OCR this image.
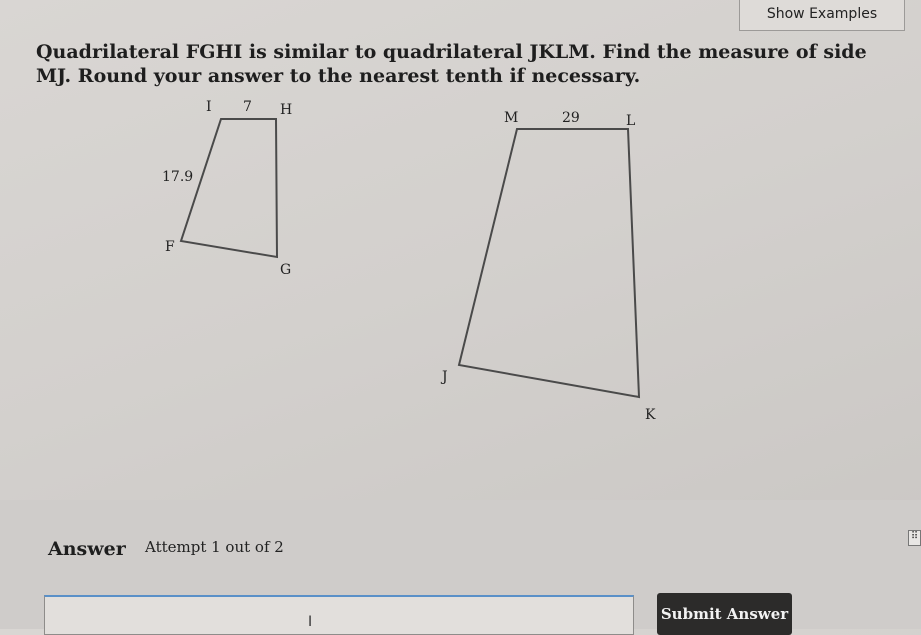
Show Examples
Quadrilateral FGHI is similar to quadrilateral JKLM. Find the measure of side MJ. Round your answer to the nearest tenth if necessary.
I 7 H
17.9
F
G
M	29	L
J
K
Answer Attempt 1 out of 2
⠿
I	Submit Answer
